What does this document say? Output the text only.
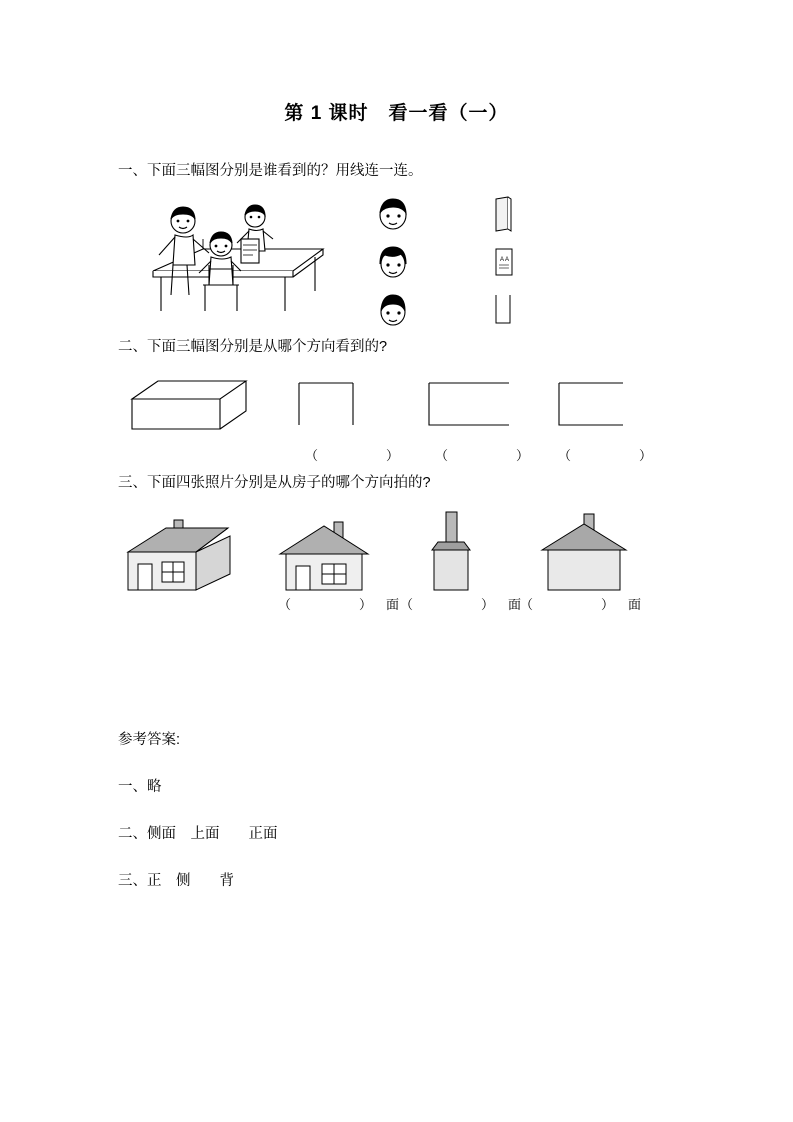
第 1 课时　看一看（一）

一、下面三幅图分别是谁看到的？用线连一连。

A A

二、下面三幅图分别是从哪个方向看到的?

（　　） （　　） （　　）

三、下面四张照片分别是从房子的哪个方向拍的?

（　　）面 （　　）面
（　　）面
参考答案:
一、略
二、侧面　上面　　正面
三、正　侧　　背
